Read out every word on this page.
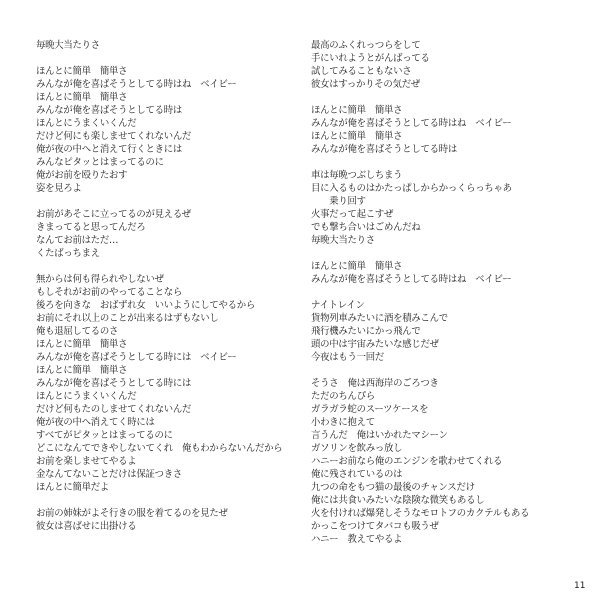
毎晩大当たりさ
ほんとに簡単　簡単さ
みんなが俺を喜ばそうとしてる時はね　ベイビー
ほんとに簡単　簡単さ
みんなが俺を喜ばそうとしてる時は
ほんとにうまくいくんだ
だけど何にも楽しませてくれないんだ
俺が夜の中へと消えて行くときには
みんなピタッとはまってるのに
俺がお前を殴りたおす
姿を見ろよ
お前があそこに立ってるのが見えるぜ
きまってると思ってんだろ
なんてお前はただ…
くたばっちまえ
無からは何も得られやしないぜ
もしそれがお前のやってることなら
後ろを向きな　おばずれ女　いいようにしてやるから
お前にそれ以上のことが出来るはずもないし
俺も退屈してるのさ
ほんとに簡単　簡単さ
みんなが俺を喜ばそうとしてる時には　ベイビー
ほんとに簡単　簡単さ
みんなが俺を喜ばそうとしてる時には
ほんとにうまくいくんだ
だけど何もたのしませてくれないんだ
俺が夜の中へ消えてく時には
すべてがピタッとはまってるのに
どこになんてできやしないてくれ　俺もわからないんだから
お前を楽しませてやるよ
金なんてないことだけは保証つきさ
ほんとに簡単だよ
お前の姉妹がよそ行きの服を着てるのを見たぜ
彼女は喜ばせに出掛ける
最高のふくれっつらをして
手にいれようとがんばってる
試してみることもないさ
彼女はすっかりその気だぜ
ほんとに簡単　簡単さ
みんなが俺を喜ばそうとしてる時はね　ベイビー
ほんとに簡単　簡単さ
みんなが俺を喜ばそうとしてる時は
車は毎晩つぶしちまう
目に入るものはかたっぱしからかっくらっちゃあ
　　乗り回す
火事だって起こすぜ
でも撃ち合いはごめんだね
毎晩大当たりさ
ほんとに簡単　簡単さ
みんなが俺を喜ばそうとしてる時はね　ベイビー
ナイトレイン
貨物列車みたいに酒を積みこんで
飛行機みたいにかっ飛んで
頭の中は宇宙みたいな感じだぜ
今夜はもう一回だ
そうさ　俺は西海岸のごろつき
ただのちんぴら
ガラガラ蛇のスーツケースを
小わきに抱えて
言うんだ　俺はいかれたマシーン
ガソリンを飲みっ放し
ハニーお前なら俺のエンジンを歌わせてくれる
俺に残されているのは
九つの命をもつ猫の最後のチャンスだけ
俺には共食いみたいな陰険な微笑もあるし
火を付ければ爆発しそうなモロトフのカクテルもある
かっこをつけてタバコも吸うぜ
ハニー　教えてやるよ
11
